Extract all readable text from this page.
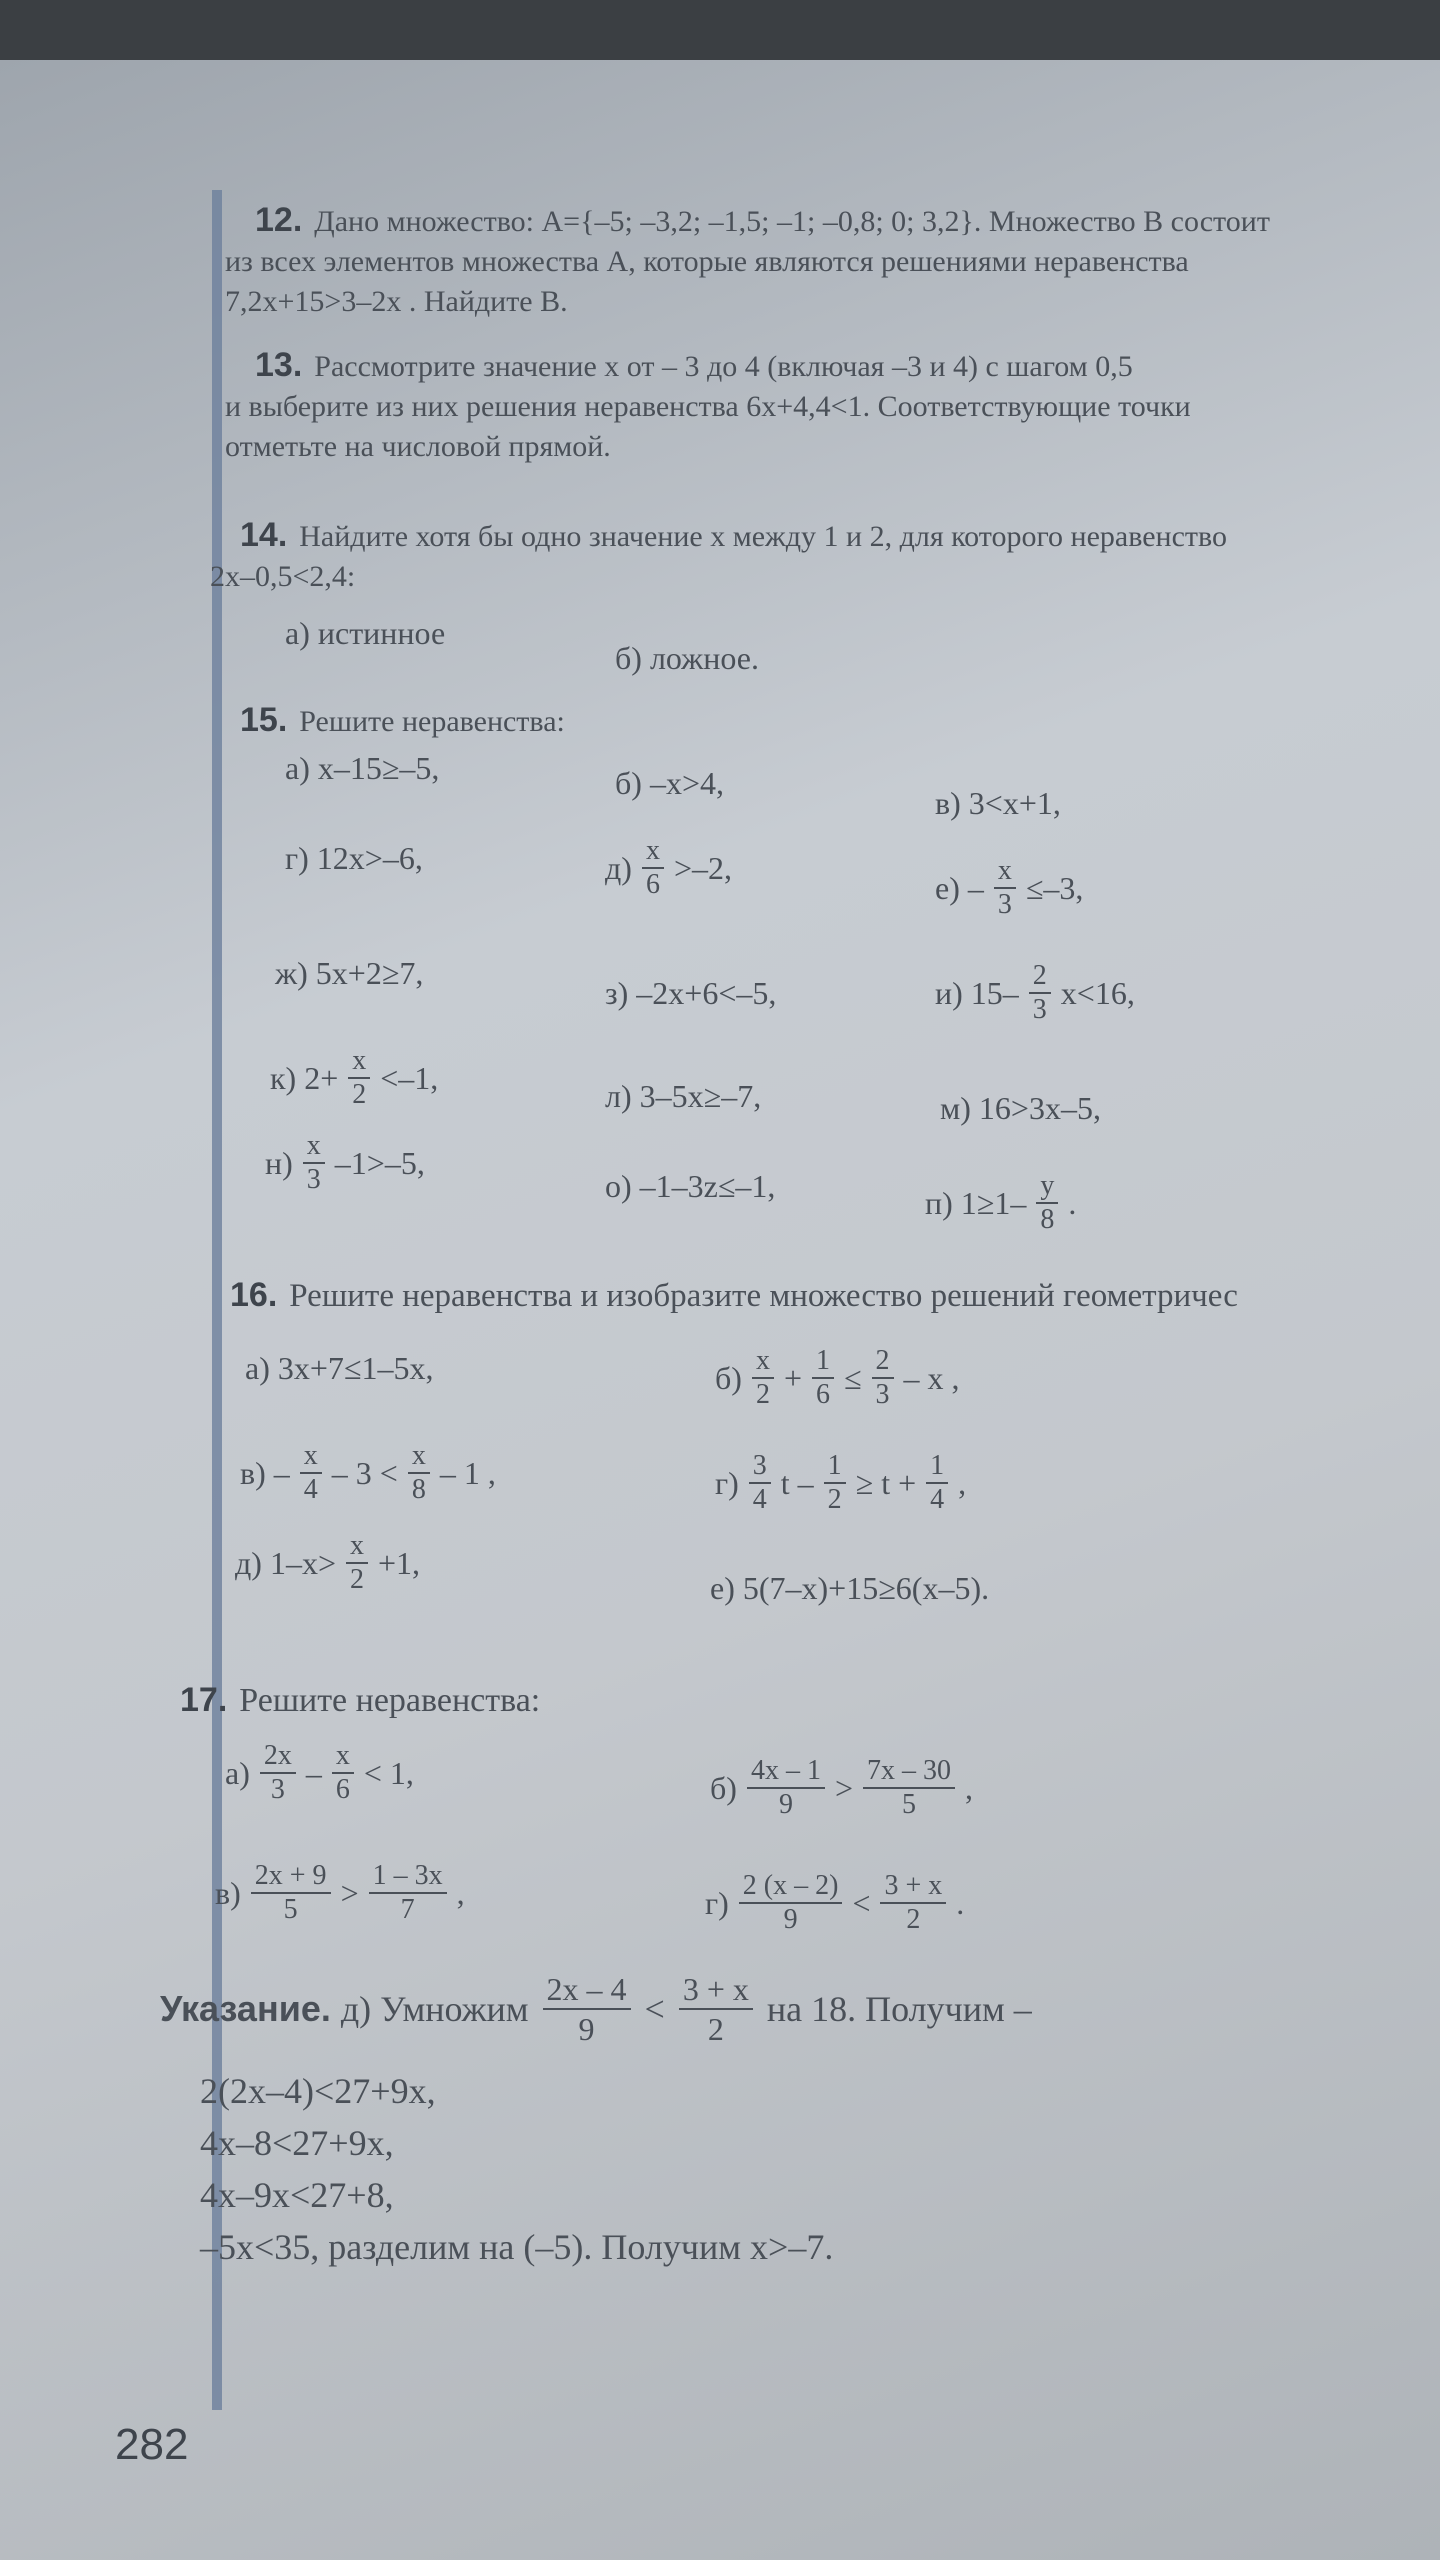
12. Дано множество: A={–5; –3,2; –1,5; –1; –0,8; 0; 3,2}. Множество B состоит
из всех элементов множества A, которые являются решениями неравенства
7,2x+15>3–2x . Найдите B.
13. Рассмотрите значение x от – 3 до 4 (включая –3 и 4) с шагом 0,5
и выберите из них решения неравенства 6x+4,4<1. Соответствующие точки
отметьте на числовой прямой.
14. Найдите хотя бы одно значение x между 1 и 2, для которого неравенство
2x–0,5<2,4:
а) истинное
б) ложное.
15. Решите неравенства:
а) x–15≥–5,	б) –x>4,
в) 3<x+1,
г) 12x>–6,	$д) \frac{x}{6} >-2$,
$е) - \frac{x}{3} \le-3$,
ж) 5x+2≥7,
з) –2x+6<–5,	и) $15- \frac{2}{3} x<16$,
к) $2+ \frac{x}{2} <-1$,
л) 3–5x≥–7,	м) 16>3x–5,
$н) \frac{x}{3} -1>-5$,
о) –1–3z≤–1,	п) $1\ge 1- \frac{y}{8}$ .
16. Решите неравенства и изобразите множество решений геометричес
а) 3x+7≤1–5x,	$б) \frac{x}{2} + \frac{1}{6} \le \frac{2}{3} - x$ ,
$в) - \frac{x}{4} - 3 < \frac{x}{8} - 1$ ,	$г) \frac{3}{4}$ $t - \frac{1}{2} \ge t + \frac{1}{4}$ ,
д) $1-x> \frac{x}{2} +1$,
е) 5(7–x)+15≥6(x–5).
17. Решите неравенства:
$а) \frac{2x}{3} - \frac{x}{6} < 1$,	$б) \frac{4x - 1}{9} > \frac{7x - 30}{5}$ ,
$в) \frac{2x + 9}{5} > \frac{1 - 3x}{7}$ ,	$г) \frac{2 (x - 2)}{9} < \frac{3 + x}{2}$ .
Указание. д) Умножим $\frac{2x - 4}{9} < \frac{3 + x}{2}$ на 18. Получим –
2(2x–4)<27+9x,
4x–8<27+9x,
4x–9x<27+8,
–5x<35, разделим на (–5). Получим x>–7.
282
